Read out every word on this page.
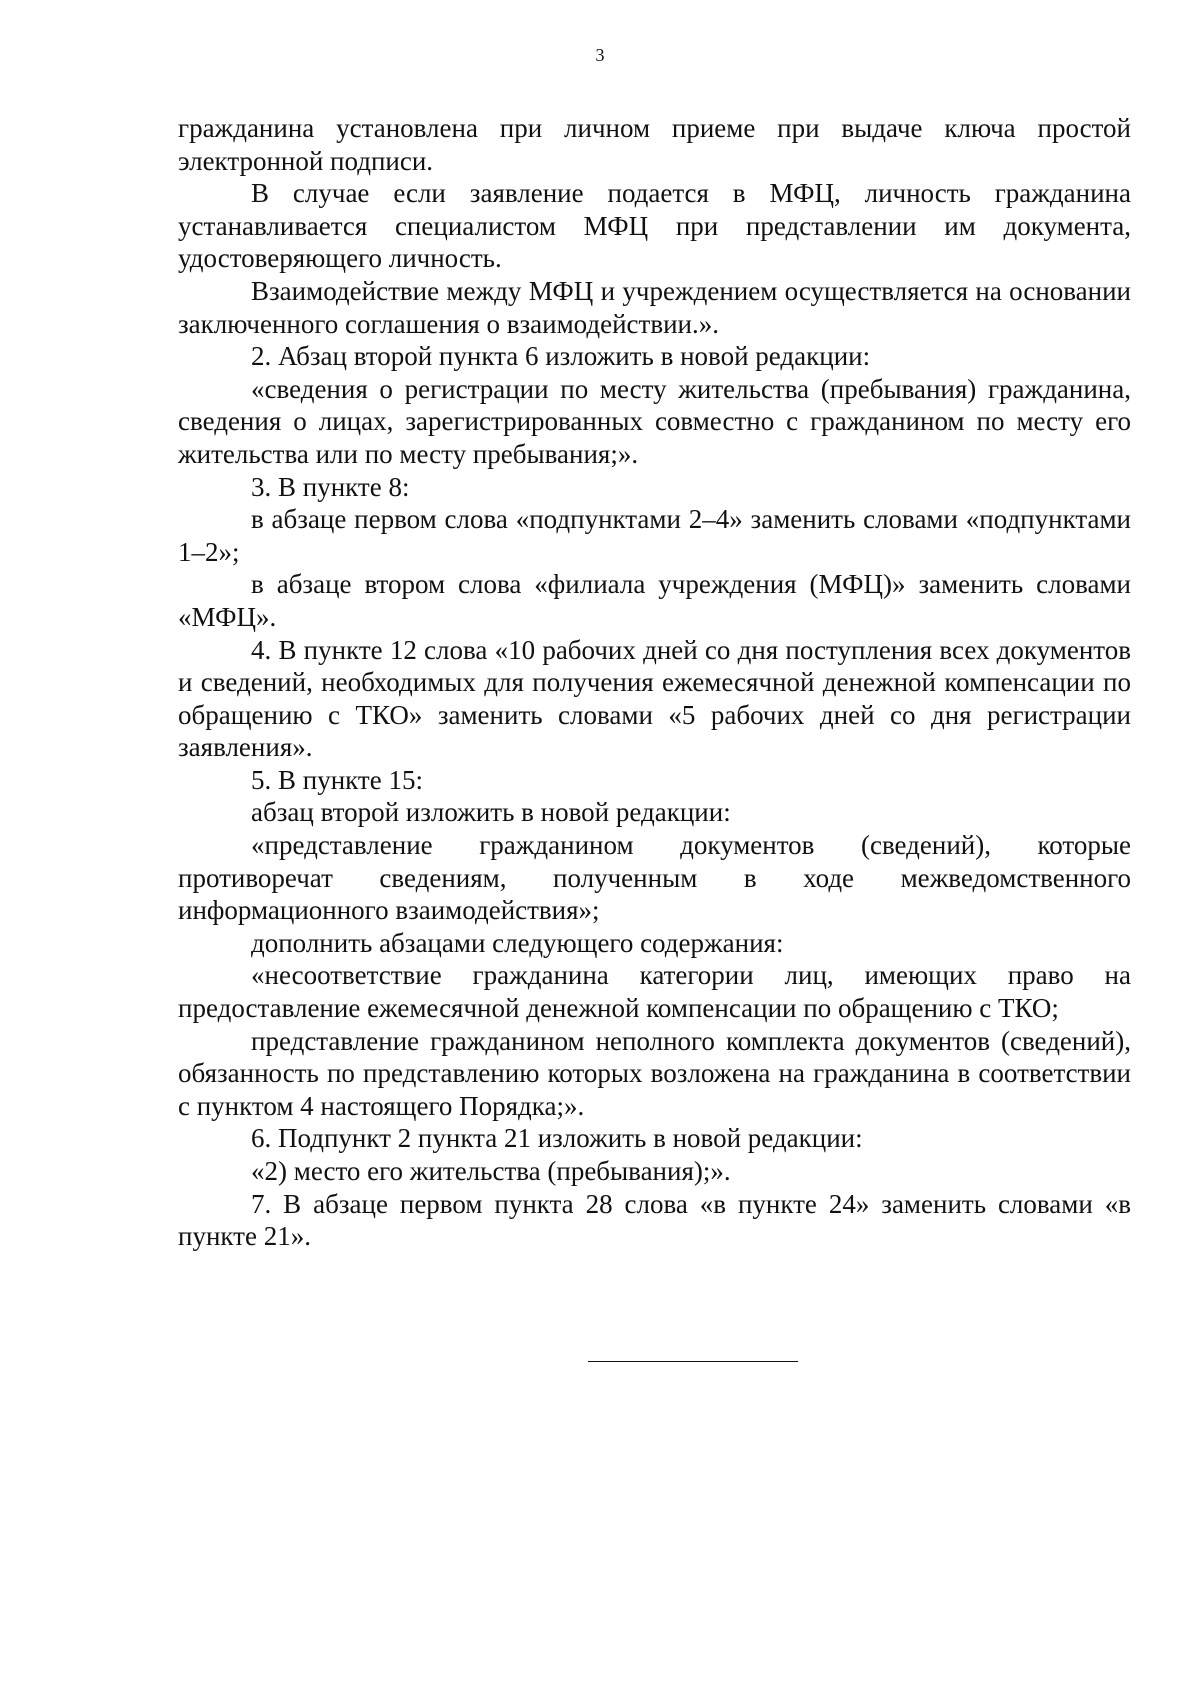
3

гражданина установлена при личном приеме при выдаче ключа простой электронной подписи.

В случае если заявление подается в МФЦ, личность гражданина устанавливается специалистом МФЦ при представлении им документа, удостоверяющего личность.

Взаимодействие между МФЦ и учреждением осуществляется на основании заключенного соглашения о взаимодействии.».

2. Абзац второй пункта 6 изложить в новой редакции:

«сведения о регистрации по месту жительства (пребывания) гражданина, сведения о лицах, зарегистрированных совместно с гражданином по месту его жительства или по месту пребывания;».

3. В пункте 8:

в абзаце первом слова «подпунктами 2–4» заменить словами «подпунктами 1–2»;

в абзаце втором слова «филиала учреждения (МФЦ)» заменить словами «МФЦ».

4. В пункте 12 слова «10 рабочих дней со дня поступления всех документов и сведений, необходимых для получения ежемесячной денежной компенсации по обращению с ТКО» заменить словами «5 рабочих дней со дня регистрации заявления».

5. В пункте 15:

абзац второй изложить в новой редакции:

«представление гражданином документов (сведений), которые противоречат сведениям, полученным в ходе межведомственного информационного взаимодействия»;

дополнить абзацами следующего содержания:

«несоответствие гражданина категории лиц, имеющих право на предоставление ежемесячной денежной компенсации по обращению с ТКО;

представление гражданином неполного комплекта документов (сведений), обязанность по представлению которых возложена на гражданина в соответствии с пунктом 4 настоящего Порядка;».

6. Подпункт 2 пункта 21 изложить в новой редакции:

«2) место его жительства (пребывания);».

7. В абзаце первом пункта 28 слова «в пункте 24» заменить словами «в пункте 21».
